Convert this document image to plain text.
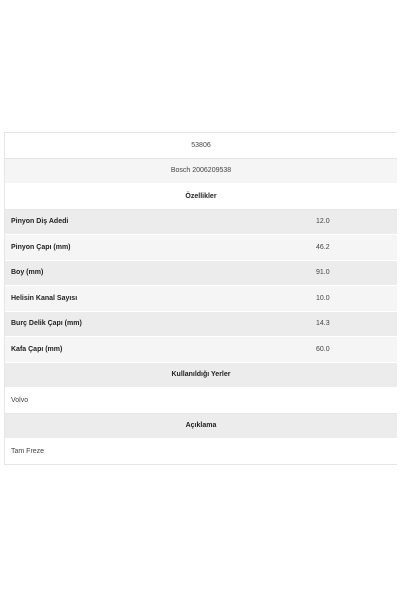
53806
Bosch 2006209538
Özellikler
Pinyon Diş Adedi	12.0
Pinyon Çapı (mm)	46.2
Boy (mm)	91.0
Helisin Kanal Sayısı	10.0
Burç Delik Çapı (mm)	14.3
Kafa Çapı (mm)	60.0
Kullanıldığı Yerler
Volvo
Açıklama
Tam Freze
